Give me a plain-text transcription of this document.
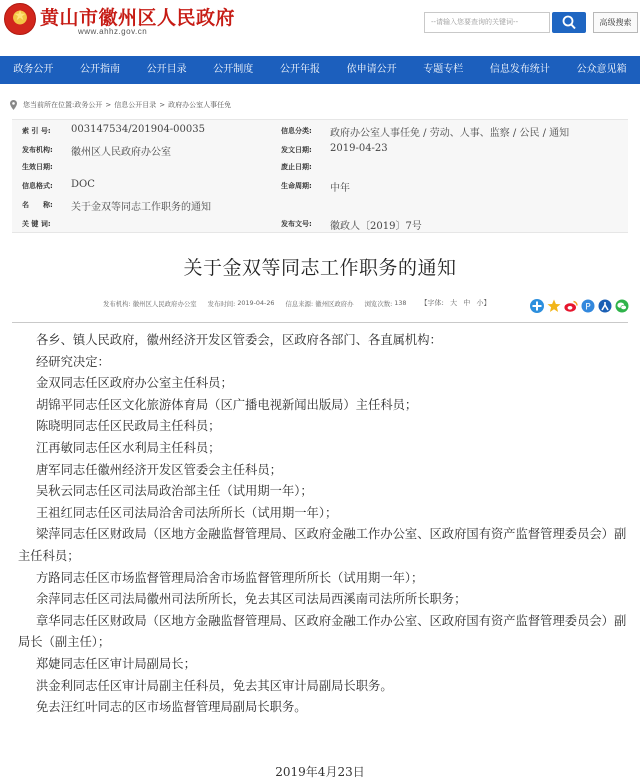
★
黄山市徽州区人民政府
www.ahhz.gov.cn
--请输入您要查询的关键词--
高级搜索
政务公开	公开指南	公开目录	公开制度	公开年报	依申请公开	专题专栏	信息发布统计	公众意见箱
您当前所在位置: 政务公开 > 信息公开目录 > 政府办公室人事任免
索 引 号: 003147534/201904-00035	信息分类: 政府办公室人事任免 / 劳动、人事、监察 / 公民 / 通知
发布机构: 徽州区人民政府办公室	发文日期: 2019-04-23
生效日期:	废止日期:
信息格式: DOC	生命周期: 中年
名　　称: 关于金双等同志工作职务的通知
关 键 词:	发布文号: 徽政人〔2019〕7号
关于金双等同志工作职务的通知
发布机构: 徽州区人民政府办公室 发布时间: 2019-04-26 信息来源: 徽州区政府办 浏览次数: 138 【字体: 大 中 小】	P

各乡、镇人民政府，徽州经济开发区管委会，区政府各部门、各直属机构：

经研究决定：

金双同志任区政府办公室主任科员；

胡锦平同志任区文化旅游体育局（区广播电视新闻出版局）主任科员；

陈晓明同志任区民政局主任科员；

江再敏同志任区水利局主任科员；

唐军同志任徽州经济开发区管委会主任科员；

吴秋云同志任区司法局政治部主任（试用期一年）；

王祖红同志任区司法局洽舍司法所所长（试用期一年）；

梁萍同志任区财政局（区地方金融监督管理局、区政府金融工作办公室、区政府国有资产监督管理委员会）副主任科员；

方路同志任区市场监督管理局洽舍市场监督管理所所长（试用期一年）；

余萍同志任区司法局徽州司法所所长，免去其区司法局西溪南司法所所长职务；

章华同志任区财政局（区地方金融监督管理局、区政府金融工作办公室、区政府国有资产监督管理委员会）副局长（副主任）；

郑婕同志任区审计局副局长；

洪金利同志任区审计局副主任科员，免去其区审计局副局长职务。

免去汪红叶同志的区市场监督管理局副局长职务。

2019年4月23日
